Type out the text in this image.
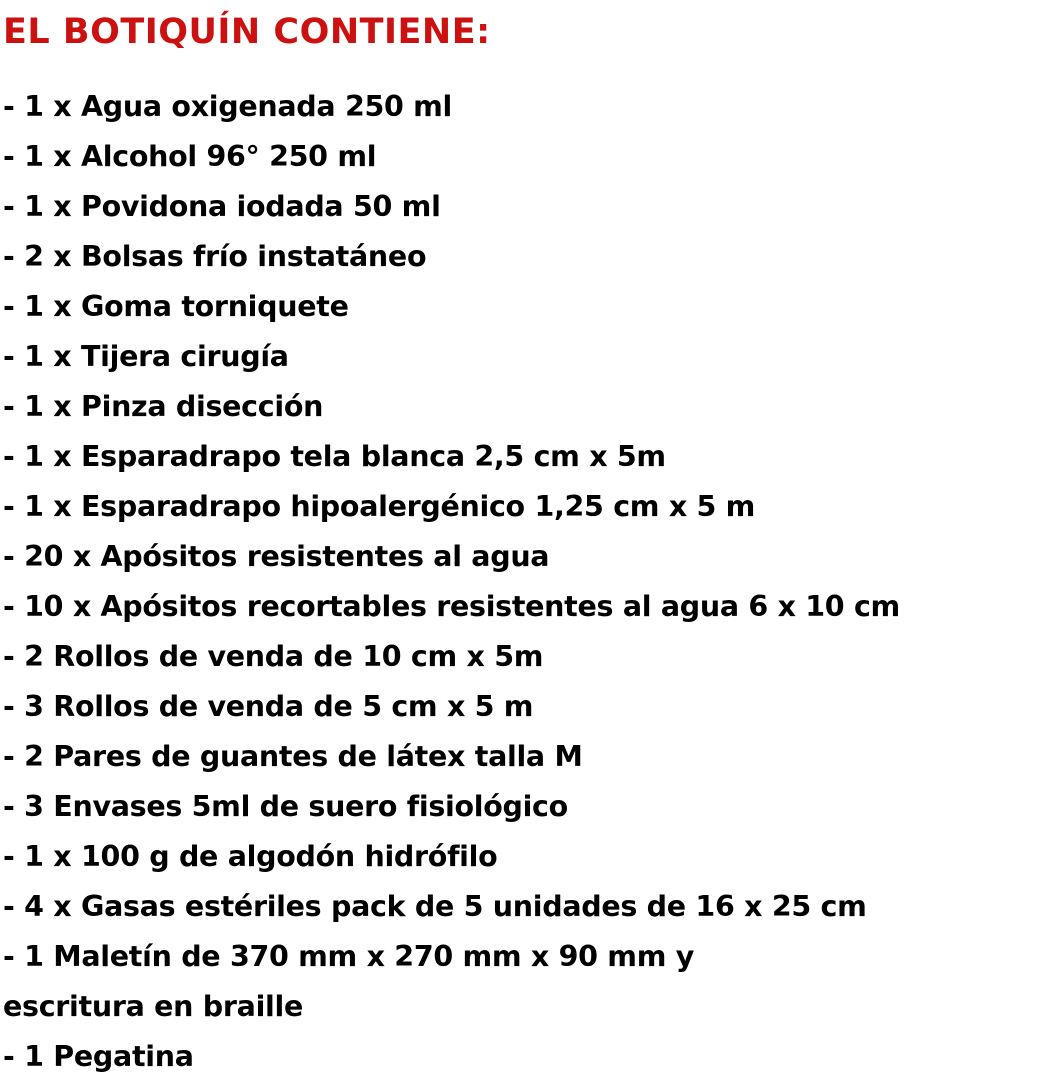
EL BOTIQUÍN CONTIENE:
- 1 x Agua oxigenada 250 ml
- 1 x Alcohol 96° 250 ml
- 1 x Povidona iodada 50 ml
- 2 x Bolsas frío instatáneo
- 1 x Goma torniquete
- 1 x Tijera cirugía
- 1 x Pinza disección
- 1 x Esparadrapo tela blanca 2,5 cm x 5m
- 1 x Esparadrapo hipoalergénico 1,25 cm x 5 m
- 20 x Apósitos resistentes al agua
- 10 x Apósitos recortables resistentes al agua 6 x 10 cm
- 2 Rollos de venda de 10 cm x 5m
- 3 Rollos de venda de 5 cm x 5 m
- 2 Pares de guantes de látex talla M
- 3 Envases 5ml de suero fisiológico
- 1 x 100 g de algodón hidrófilo
- 4 x Gasas estériles pack de 5 unidades de 16 x 25 cm
- 1 Maletín de 370 mm x 270 mm x 90 mm y escritura en braille
- 1 Pegatina
